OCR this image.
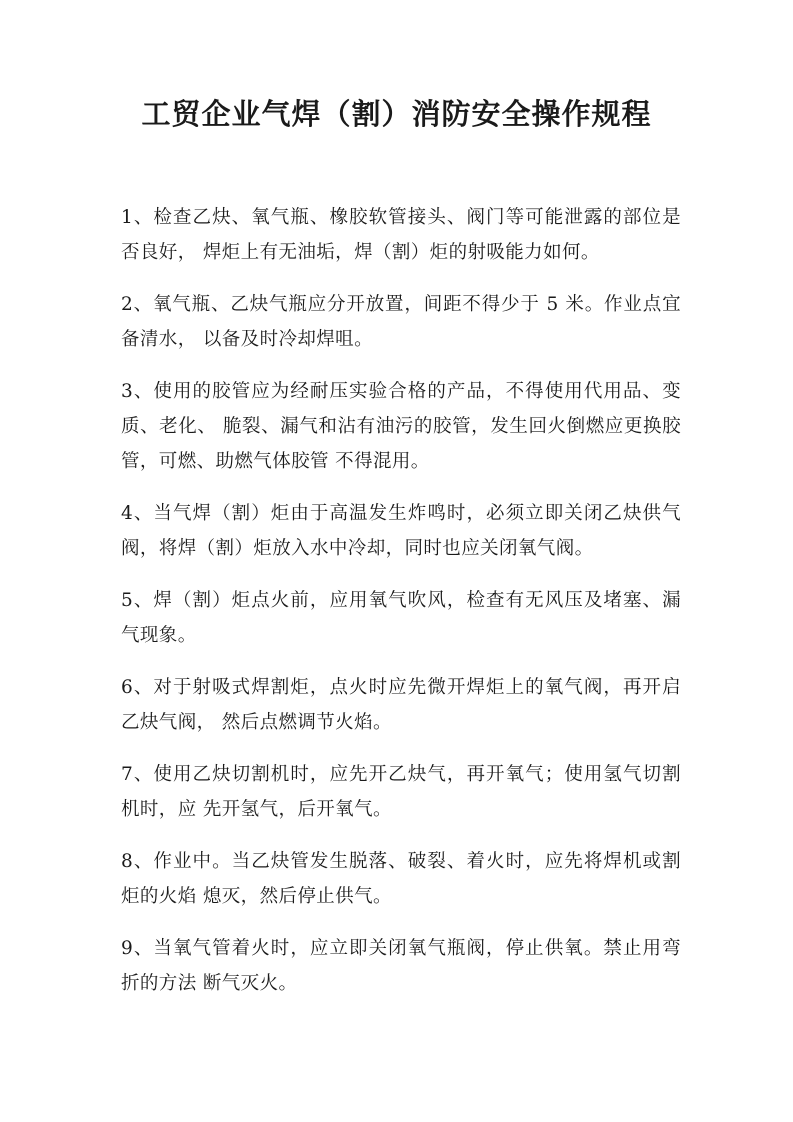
工贸企业气焊（割）消防安全操作规程
1、检查乙炔、氧气瓶、橡胶软管接头、阀门等可能泄露的部位是否良好， 焊炬上有无油垢，焊（割）炬的射吸能力如何。
2、氧气瓶、乙炔气瓶应分开放置，间距不得少于 5 米。作业点宜备清水， 以备及时冷却焊咀。
3、使用的胶管应为经耐压实验合格的产品，不得使用代用品、变质、老化、 脆裂、漏气和沾有油污的胶管，发生回火倒燃应更换胶管，可燃、助燃气体胶管 不得混用。
4、当气焊（割）炬由于高温发生炸鸣时，必须立即关闭乙炔供气阀，将焊（割）炬放入水中冷却，同时也应关闭氧气阀。
5、焊（割）炬点火前，应用氧气吹风，检查有无风压及堵塞、漏气现象。
6、对于射吸式焊割炬，点火时应先微开焊炬上的氧气阀，再开启乙炔气阀， 然后点燃调节火焰。
7、使用乙炔切割机时，应先开乙炔气，再开氧气；使用氢气切割机时，应 先开氢气，后开氧气。
8、作业中。当乙炔管发生脱落、破裂、着火时，应先将焊机或割炬的火焰 熄灭，然后停止供气。
9、当氧气管着火时，应立即关闭氧气瓶阀，停止供氧。禁止用弯折的方法 断气灭火。
